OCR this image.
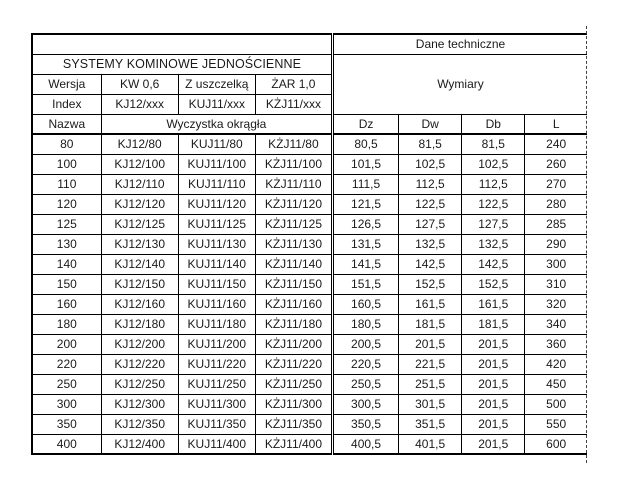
				Dane techniczne			
SYSTEMY KOMINOWE JEDNOŚCIENNE				Wymiary			
Wersja	KW 0,6	Z uszczelką	ŻAR 1,0				
Index	KJ12/xxx	KUJ11/xxx	KŻJ11/xxx				
Nazwa	Wyczystka okrągła			Dz	Dw	Db	L
80	KJ12/80	KUJ11/80	KŻJ11/80	80,5	81,5	81,5	240
100	KJ12/100	KUJ11/100	KŻJ11/100	101,5	102,5	102,5	260
110	KJ12/110	KUJ11/110	KŻJ11/110	111,5	112,5	112,5	270
120	KJ12/120	KUJ11/120	KŻJ11/120	121,5	122,5	122,5	280
125	KJ12/125	KUJ11/125	KŻJ11/125	126,5	127,5	127,5	285
130	KJ12/130	KUJ11/130	KŻJ11/130	131,5	132,5	132,5	290
140	KJ12/140	KUJ11/140	KŻJ11/140	141,5	142,5	142,5	300
150	KJ12/150	KUJ11/150	KŻJ11/150	151,5	152,5	152,5	310
160	KJ12/160	KUJ11/160	KŻJ11/160	160,5	161,5	161,5	320
180	KJ12/180	KUJ11/180	KŻJ11/180	180,5	181,5	181,5	340
200	KJ12/200	KUJ11/200	KŻJ11/200	200,5	201,5	201,5	360
220	KJ12/220	KUJ11/220	KŻJ11/220	220,5	221,5	201,5	420
250	KJ12/250	KUJ11/250	KŻJ11/250	250,5	251,5	201,5	450
300	KJ12/300	KUJ11/300	KŻJ11/300	300,5	301,5	201,5	500
350	KJ12/350	KUJ11/350	KŻJ11/350	350,5	351,5	201,5	550
400	KJ12/400	KUJ11/400	KŻJ11/400	400,5	401,5	201,5	600
